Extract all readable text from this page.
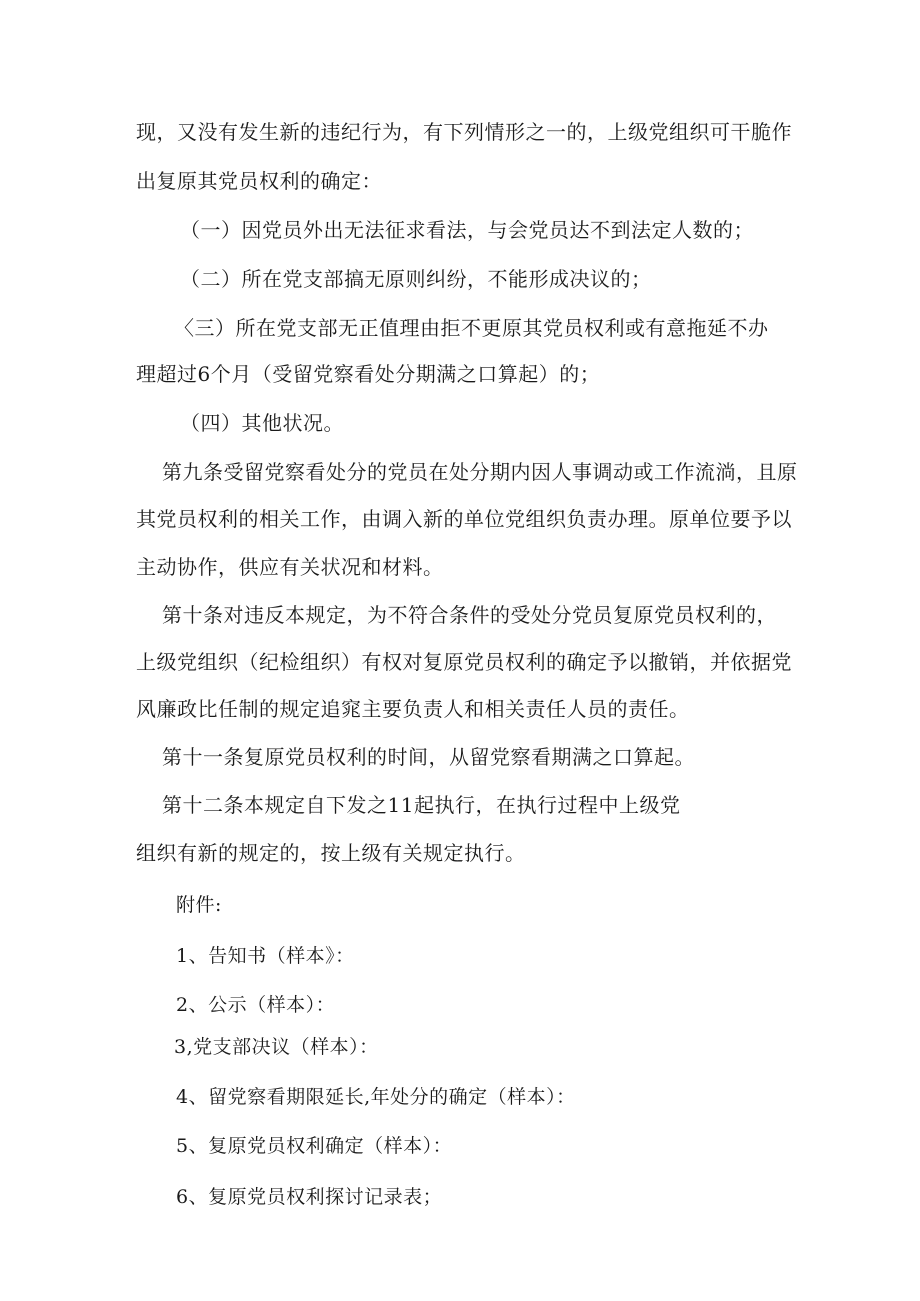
现，又没有发生新的违纪行为，有下列情形之一的，上级党组织可干脆作
出复原其党员权利的确定：
（一）因党员外出无法征求看法，与会党员达不到法定人数的；
（二）所在党支部搞无原则纠纷，不能形成决议的；
〈三）所在党支部无正值理由拒不更原其党员权利或有意拖延不办
理超过6个月（受留党察看处分期满之口算起）的；
（四）其他状况。
第九条受留党察看处分的党员在处分期内因人事调动或工作流淌，且原
其党员权利的相关工作，由调入新的单位党组织负责办理。原单位要予以
主动协作，供应有关状况和材料。
第十条对违反本规定，为不符合条件的受处分党员复原党员权利的，
上级党组织（纪检组织）有权对复原党员权利的确定予以撤销，并依据党
风廉政比任制的规定追窕主要负责人和相关责任人员的责任。
第十一条复原党员权利的时间，从留党察看期满之口算起。
第十二条本规定自下发之11起执行，在执行过程中上级党
组织有新的规定的，按上级有关规定执行。
附件:
1、告知书（样本》：
2、公示（样本）：
3,党支部决议（样本）：
4、留党察看期限延长,年处分的确定（样本）：
5、复原党员权利确定（样本）：
6、复原党员权利探讨记录表；
